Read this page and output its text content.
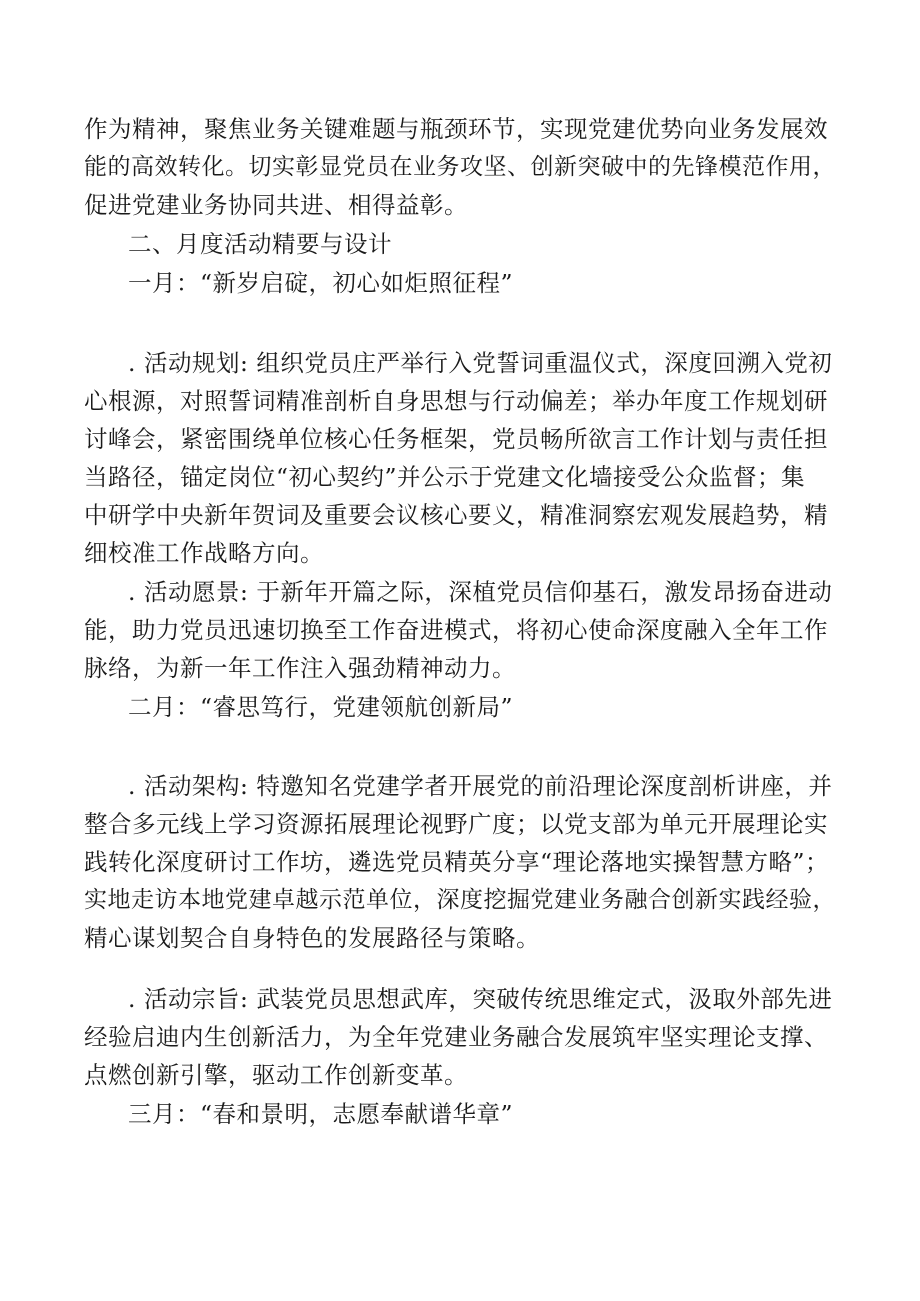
作为精神，聚焦业务关键难题与瓶颈环节，实现党建优势向业务发展效
能的高效转化。切实彰显党员在业务攻坚、创新突破中的先锋模范作用，
促进党建业务协同共进、相得益彰。
二、月度活动精要与设计
一月：“新岁启碇，初心如炬照征程”
. 活动规划: 组织党员庄严举行入党誓词重温仪式，深度回溯入党初
心根源，对照誓词精准剖析自身思想与行动偏差；举办年度工作规划研
讨峰会，紧密围绕单位核心任务框架，党员畅所欲言工作计划与责任担
当路径，锚定岗位“初心契约”并公示于党建文化墙接受公众监督；集
中研学中央新年贺词及重要会议核心要义，精准洞察宏观发展趋势，精
细校准工作战略方向。
. 活动愿景: 于新年开篇之际，深植党员信仰基石，激发昂扬奋进动
能，助力党员迅速切换至工作奋进模式，将初心使命深度融入全年工作
脉络，为新一年工作注入强劲精神动力。
二月：“睿思笃行，党建领航创新局”
. 活动架构: 特邀知名党建学者开展党的前沿理论深度剖析讲座，并
整合多元线上学习资源拓展理论视野广度；以党支部为单元开展理论实
践转化深度研讨工作坊，遴选党员精英分享“理论落地实操智慧方略”；
实地走访本地党建卓越示范单位，深度挖掘党建业务融合创新实践经验，
精心谋划契合自身特色的发展路径与策略。
. 活动宗旨: 武装党员思想武库，突破传统思维定式，汲取外部先进
经验启迪内生创新活力，为全年党建业务融合发展筑牢坚实理论支撑、
点燃创新引擎，驱动工作创新变革。
三月：“春和景明，志愿奉献谱华章”
